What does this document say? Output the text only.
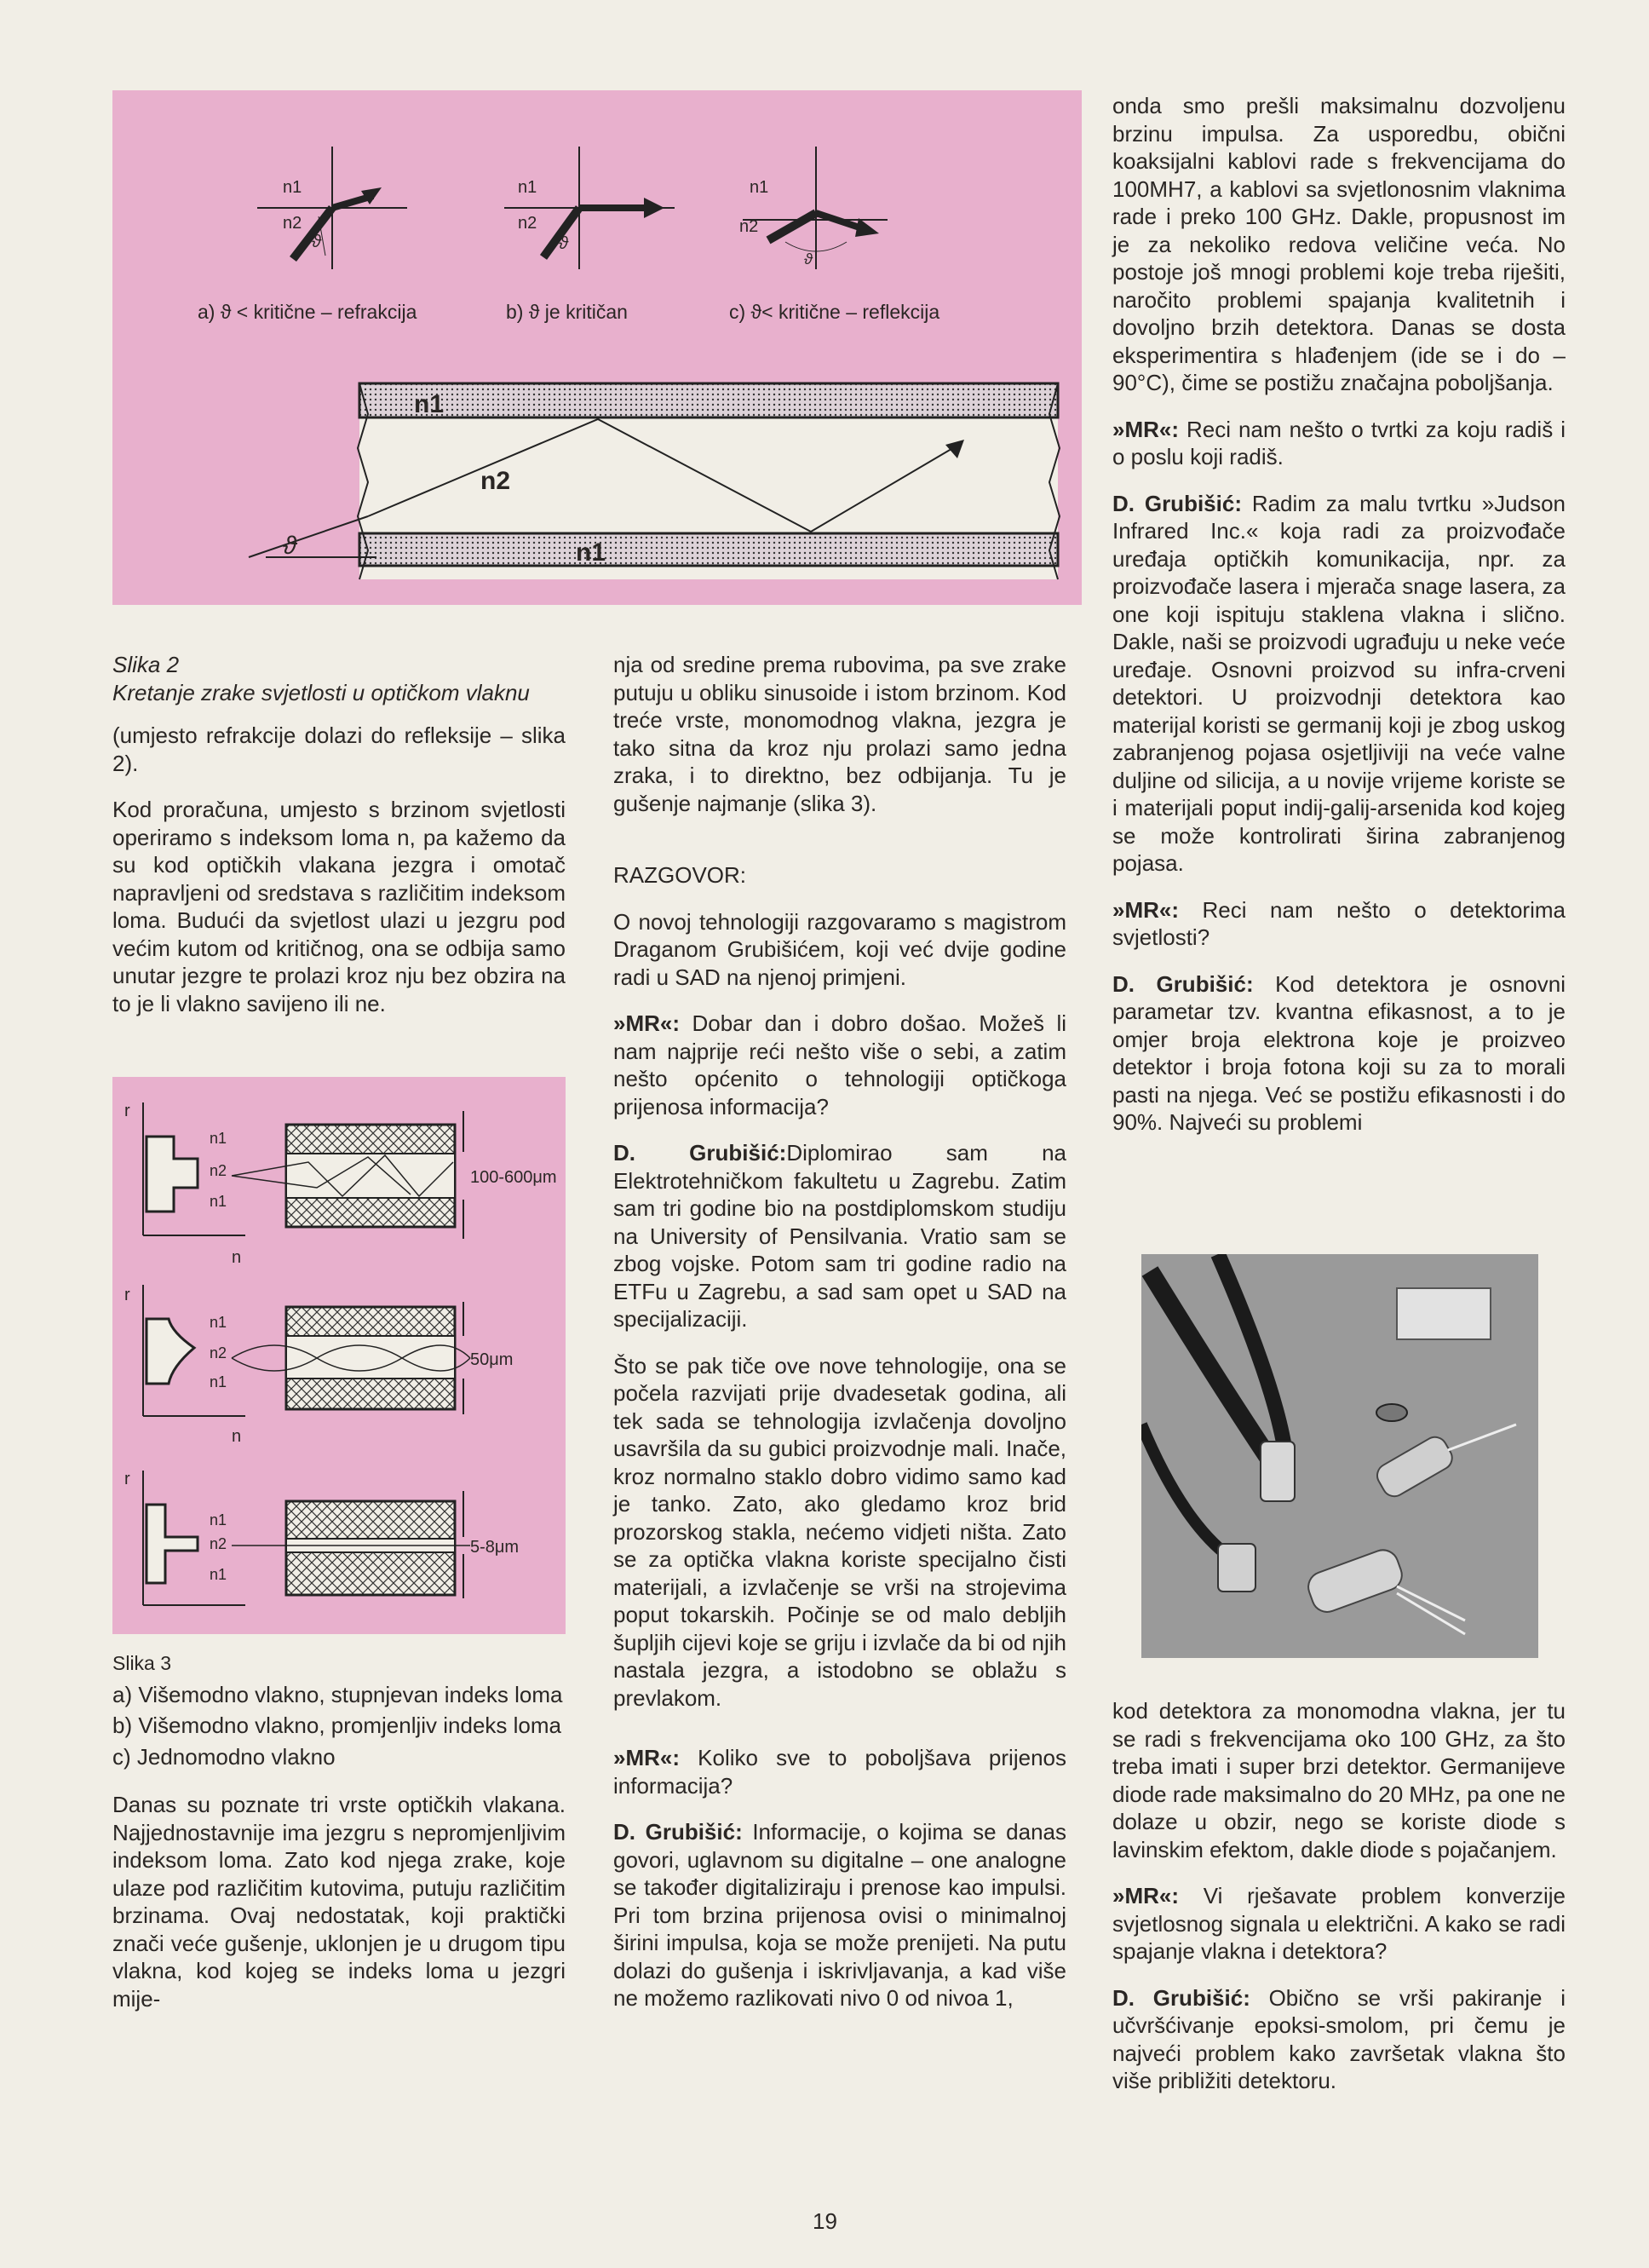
n1
n2
ϑ
n1
n2
ϑ
n1
n2
ϑ
a) ϑ < kritične – refrakcija	b) ϑ je kritičan	c) ϑ< kritične – reflekcija
ϑ
n1
n2
n1

Slika 2

Kretanje zrake svjetlosti u optičkom vlaknu

(umjesto refrakcije dolazi do refleksije – slika 2).

Kod proračuna, umjesto s brzinom svjetlosti operiramo s indeksom loma n, pa kažemo da su kod optičkih vlakana jezgra i omotač napravljeni od sredstava s različitim indeksom loma. Budući da svjetlost ulazi u jezgru pod većim kutom od kritičnog, ona se odbija samo unutar jezgre te prolazi kroz nju bez obzira na to je li vlakno savijeno ili ne.

r
n
n1
n2
n1
100-600μm
r
n
n1
n2
n1
50μm
r
n1
n2
n1
5-8μm

Slika 3

a) Višemodno vlakno, stupnjevan indeks loma

b) Višemodno vlakno, promjenljiv indeks loma

c) Jednomodno vlakno

Danas su poznate tri vrste optičkih vlakana. Najjednostavnije ima jezgru s nepromjenljivim indeksom loma. Zato kod njega zrake, koje ulaze pod različitim kutovima, putuju različitim brzinama. Ovaj nedostatak, koji praktički znači veće gušenje, uklonjen je u drugom tipu vlakna, kod kojeg se indeks loma u jezgri mije-

nja od sredine prema rubovima, pa sve zrake putuju u obliku sinusoide i istom brzinom. Kod treće vrste, monomodnog vlakna, jezgra je tako sitna da kroz nju prolazi samo jedna zraka, i to direktno, bez odbijanja. Tu je gušenje najmanje (slika 3).

RAZGOVOR:

O novoj tehnologiji razgovaramo s magistrom Draganom Grubišićem, koji već dvije godine radi u SAD na njenoj primjeni.

»MR«: Dobar dan i dobro došao. Možeš li nam najprije reći nešto više o sebi, a zatim nešto općenito o tehnologiji optičkoga prijenosa informacija?

D. Grubišić:Diplomirao sam na Elektrotehničkom fakultetu u Zagrebu. Zatim sam tri godine bio na postdiplomskom studiju na University of Pensilvania. Vratio sam se zbog vojske. Potom sam tri godine radio na ETFu u Zagrebu, a sad sam opet u SAD na specijalizaciji.

Što se pak tiče ove nove tehnologije, ona se počela razvijati prije dvadesetak godina, ali tek sada se tehnologija izvlačenja dovoljno usavršila da su gubici proizvodnje mali. Inače, kroz normalno staklo dobro vidimo samo kad je tanko. Zato, ako gledamo kroz brid prozorskog stakla, nećemo vidjeti ništa. Zato se za optička vlakna koriste specijalno čisti materijali, a izvlačenje se vrši na strojevima poput tokarskih. Počinje se od malo debljih šupljih cijevi koje se griju i izvlače da bi od njih nastala jezgra, a istodobno se oblažu s prevlakom.

»MR«: Koliko sve to poboljšava prijenos informacija?

D. Grubišić: Informacije, o kojima se danas govori, uglavnom su digitalne – one analogne se također digitaliziraju i prenose kao impulsi. Pri tom brzina prijenosa ovisi o minimalnoj širini impulsa, koja se može prenijeti. Na putu dolazi do gušenja i iskrivljavanja, a kad više ne možemo razlikovati nivo 0 od nivoa 1,

onda smo prešli maksimalnu dozvoljenu brzinu impulsa. Za usporedbu, obični koaksijalni kablovi rade s frekvencijama do 100MH7, a kablovi sa svjetlonosnim vlaknima rade i preko 100 GHz. Dakle, propusnost im je za nekoliko redova veličine veća. No postoje još mnogi problemi koje treba riješiti, naročito problemi spajanja kvalitetnih i dovoljno brzih detektora. Danas se dosta eksperimentira s hlađenjem (ide se i do –90°C), čime se postižu značajna poboljšanja.

»MR«: Reci nam nešto o tvrtki za koju radiš i o poslu koji radiš.

D. Grubišić: Radim za malu tvrtku »Judson Infrared Inc.« koja radi za proizvođače uređaja optičkih komunikacija, npr. za proizvođače lasera i mjerača snage lasera, za one koji ispituju staklena vlakna i slično. Dakle, naši se proizvodi ugrađuju u neke veće uređaje. Osnovni proizvod su infra-crveni detektori. U proizvodnji detektora kao materijal koristi se germanij koji je zbog uskog zabranjenog pojasa osjetljiviji na veće valne duljine od silicija, a u novije vrijeme koriste se i materijali poput indij-galij-arsenida kod kojeg se može kontrolirati širina zabranjenog pojasa.

»MR«: Reci nam nešto o detektorima svjetlosti?

D. Grubišić: Kod detektora je osnovni parametar tzv. kvantna efikasnost, a to je omjer broja elektrona koje je proizveo detektor i broja fotona koji su za to morali pasti na njega. Već se postižu efikasnosti i do 90%. Najveći su problemi

kod detektora za monomodna vlakna, jer tu se radi s frekvencijama oko 100 GHz, za što treba imati i super brzi detektor. Germanijeve diode rade maksimalno do 20 MHz, pa one ne dolaze u obzir, nego se koriste diode s lavinskim efektom, dakle diode s pojačanjem.

»MR«: Vi rješavate problem konverzije svjetlosnog signala u električni. A kako se radi spajanje vlakna i detektora?

D. Grubišić: Obično se vrši pakiranje i učvršćivanje epoksi-smolom, pri čemu je najveći problem kako završetak vlakna što više približiti detektoru.

19
